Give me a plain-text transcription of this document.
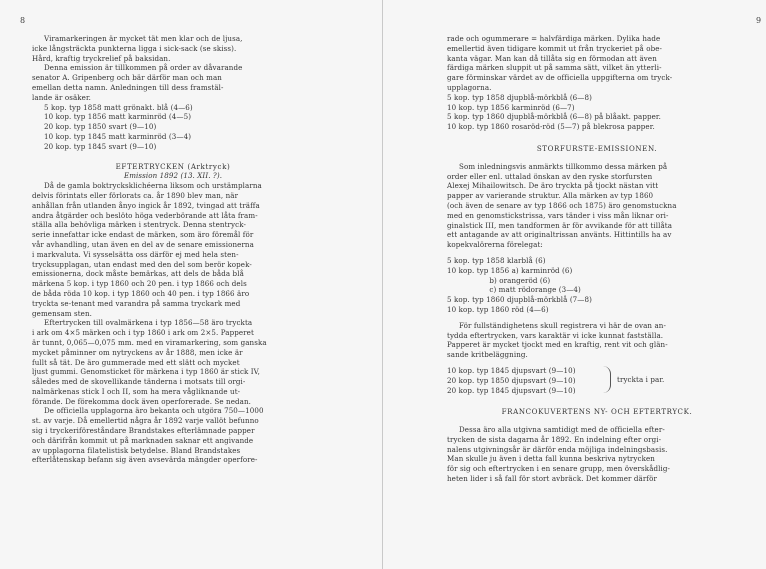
8

Viramarkeringen är mycket tät men klar och de ljusa,

icke långsträckta punkterna ligga i sick-sack (se skiss).

Hård, kraftig tryckrelief på baksidan.

Denna emission är tillkommen på order av dåvarande

senator A. Gripenberg och bär därför man och man

emellan detta namn. Anledningen till dess framstäl-

lande är osäker.

5 kop. typ 1858 matt grönakt. blå (4—6)
10 kop. typ 1856 matt karminröd (4—5)
20 kop. typ 1850 svart (9—10)
10 kop. typ 1845 matt karminröd (3—4)
20 kop. typ 1845 svart (9—10)

EFTERTRYCKEN (Arktryck)

Emission 1892 (13. XII. ?).

Då de gamla boktrycksklichéerna liksom och urstämplarna

delvis förintats eller förlorats ca. år 1890 blev man, när

anhållan från utlanden ånyo ingick år 1892, tvingad att träffa

andra åtgärder och beslöto höga vederbörande att låta fram-

ställa alla behövliga märken i stentryck. Denna stentryck-

serie innefattar icke endast de märken, som äro föremål för

vår avhandling, utan även en del av de senare emissionerna

i markvaluta. Vi sysselsätta oss därför ej med hela sten-

trycksupplagan, utan endast med den del som berör kopek-

emissionerna, dock måste bemärkas, att dels de båda blå

märkena 5 kop. i typ 1860 och 20 pen. i typ 1866 och dels

de båda röda 10 kop. i typ 1860 och 40 pen. i typ 1866 äro

tryckta se-tenant med varandra på samma tryckark med

gemensam sten.

Eftertrycken till ovalmärkena i typ 1856—58 äro tryckta

i ark om 4×5 märken och i typ 1860 i ark om 2×5. Papperet

är tunnt, 0,065—0,075 mm. med en viramarkering, som ganska

mycket påminner om nytryckens av år 1888, men icke är

fullt så tät. De äro gummerade med ett slätt och mycket

ljust gummi. Genomsticket för märkena i typ 1860 är stick IV,

således med de skovellikande tänderna i motsats till orgi-

nalmärkenas stick I och II, som ha mera vågliknande ut-

förande. De förekomma dock även operforerade. Se nedan.

De officiella upplagorna äro bekanta och utgöra 750—1000

st. av varje. Då emellertid några år 1892 varje vallöt befunno

sig i tryckeriföreståndare Brandstakes efterlämnade papper

och därifrån kommit ut på marknaden saknar ett angivande

av upplagorna filatelistisk betydelse. Bland Brandstakes

efterlåtenskap befann sig även avsevärda mängder operfore-

9

rade och ogummerare = halvfärdiga märken. Dylika hade

emellertid även tidigare kommit ut från tryckeriet på obe-

kanta vägar. Man kan då tillåta sig en förmodan att även

färdiga märken sluppit ut på samma sätt, vilket än ytterli-

gare förminskar värdet av de officiella uppgifterna om tryck-

upplagorna.

5 kop. typ 1858 djupblå-mörkblå (6—8)
10 kop. typ 1856 karminröd (6—7)
5 kop. typ 1860 djupblå-mörkblå (6—8) på blåakt. papper.
10 kop. typ 1860 rosaröd-röd (5—7) på blekrosa papper.

STORFURSTE-EMISSIONEN.

Som inledningsvis anmärkts tillkommo dessa märken på

order eller enl. uttalad önskan av den ryske storfursten

Alexej Mihailowitsch. De äro tryckta på tjockt nästan vitt

papper av varierande struktur. Alla märken av typ 1860

(och även de senare av typ 1866 och 1875) äro genomstuckna

med en genomstickstrissa, vars tänder i viss mån liknar ori-

ginalstick III, men tandformen är för avvikande för att tillåta

ett antagande av att originaltrissan använts. Hittintills ha av

kopekvalörerna förelegat:

5 kop. typ 1858 klarblå (6)
10 kop. typ 1856 a) karminröd (6)
b) orangeröd (6)
c) matt rödorange (3—4)
5 kop. typ 1860 djupblå-mörkblå (7—8)
10 kop. typ 1860 röd (4—6)

För fullständighetens skull registrera vi här de ovan an-

tydda eftertrycken, vars karaktär vi icke kunnat fastställa.

Papperet är mycket tjockt med en kraftig, rent vit och glän-

sande kritbeläggning.

10 kop. typ 1845 djupsvart (9—10)
20 kop. typ 1850 djupsvart (9—10)
20 kop. typ 1845 djupsvart (9—10)
tryckta i par.

FRANCOKUVERTENS NY- OCH EFTERTRYCK.

Dessa äro alla utgivna samtidigt med de officiella efter-

trycken de sista dagarna år 1892. En indelning efter orgi-

nalens utgivningsår är därför enda möjliga indelningsbasis.

Man skulle ju även i detta fall kunna beskriva nytrycken

för sig och eftertrycken i en senare grupp, men överskådlig-

heten lider i så fall för stort avbräck. Det kommer därför
